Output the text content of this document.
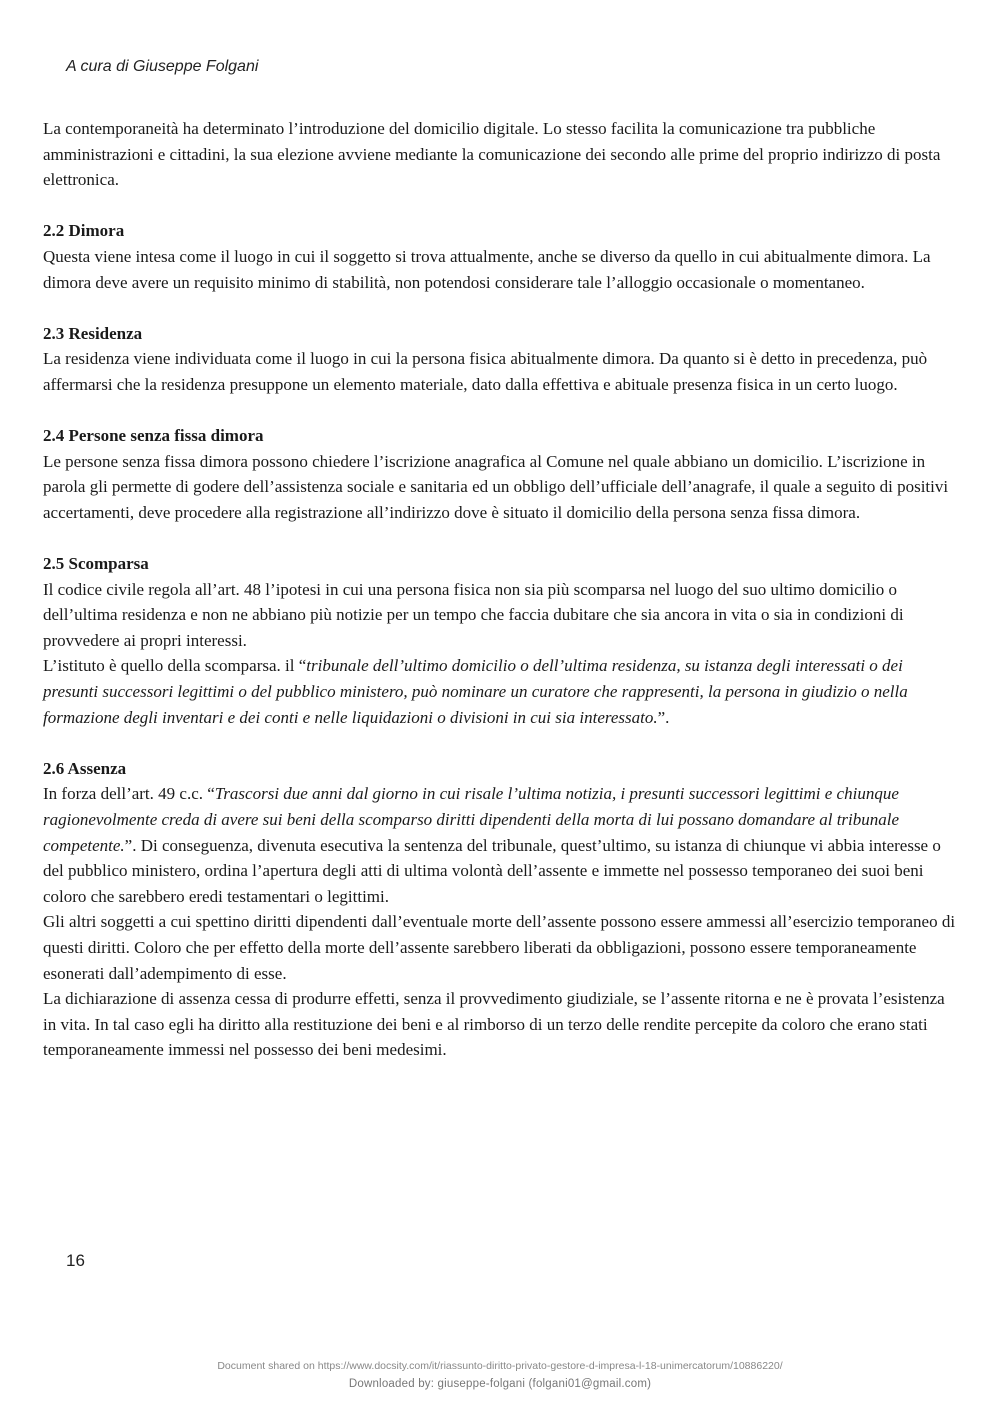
A cura di Giuseppe Folgani

La contemporaneità ha determinato l’introduzione del domicilio digitale. Lo stesso facilita la comunicazione tra pubbliche amministrazioni e cittadini, la sua elezione avviene mediante la comunicazione dei secondo alle prime del proprio indirizzo di posta elettronica.

2.2 Dimora

Questa viene intesa come il luogo in cui il soggetto si trova attualmente, anche se diverso da quello in cui abitualmente dimora. La dimora deve avere un requisito minimo di stabilità, non potendosi considerare tale l’alloggio occasionale o momentaneo.

2.3 Residenza

La residenza viene individuata come il luogo in cui la persona fisica abitualmente dimora. Da quanto si è detto in precedenza, può affermarsi che la residenza presuppone un elemento materiale, dato dalla effettiva e abituale presenza fisica in un certo luogo.

2.4 Persone senza fissa dimora

Le persone senza fissa dimora possono chiedere l’iscrizione anagrafica al Comune nel quale abbiano un domicilio. L’iscrizione in parola gli permette di godere dell’assistenza sociale e sanitaria ed un obbligo dell’ufficiale dell’anagrafe, il quale a seguito di positivi accertamenti, deve procedere alla registrazione all’indirizzo dove è situato il domicilio della persona senza fissa dimora.

2.5 Scomparsa

Il codice civile regola all’art. 48 l’ipotesi in cui una persona fisica non sia più scomparsa nel luogo del suo ultimo domicilio o dell’ultima residenza e non ne abbiano più notizie per un tempo che faccia dubitare che sia ancora in vita o sia in condizioni di provvedere ai propri interessi.

L’istituto è quello della scomparsa. il “tribunale dell’ultimo domicilio o dell’ultima residenza, su istanza degli interessati o dei presunti successori legittimi o del pubblico ministero, può nominare un curatore che rappresenti, la persona in giudizio o nella formazione degli inventari e dei conti e nelle liquidazioni o divisioni in cui sia interessato.”.

2.6 Assenza

In forza dell’art. 49 c.c. “Trascorsi due anni dal giorno in cui risale l’ultima notizia, i presunti successori legittimi e chiunque ragionevolmente creda di avere sui beni della scomparso diritti dipendenti della morta di lui possano domandare al tribunale competente.”. Di conseguenza, divenuta esecutiva la sentenza del tribunale, quest’ultimo, su istanza di chiunque vi abbia interesse o del pubblico ministero, ordina l’apertura degli atti di ultima volontà dell’assente e immette nel possesso temporaneo dei suoi beni coloro che sarebbero eredi testamentari o legittimi.

Gli altri soggetti a cui spettino diritti dipendenti dall’eventuale morte dell’assente possono essere ammessi all’esercizio temporaneo di questi diritti. Coloro che per effetto della morte dell’assente sarebbero liberati da obbligazioni, possono essere temporaneamente esonerati dall’adempimento di esse.

La dichiarazione di assenza cessa di produrre effetti, senza il provvedimento giudiziale, se l’assente ritorna e ne è provata l’esistenza in vita. In tal caso egli ha diritto alla restituzione dei beni e al rimborso di un terzo delle rendite percepite da coloro che erano stati temporaneamente immessi nel possesso dei beni medesimi.

16
Document shared on https://www.docsity.com/it/riassunto-diritto-privato-gestore-d-impresa-l-18-unimercatorum/10886220/
Downloaded by: giuseppe-folgani (folgani01@gmail.com)
